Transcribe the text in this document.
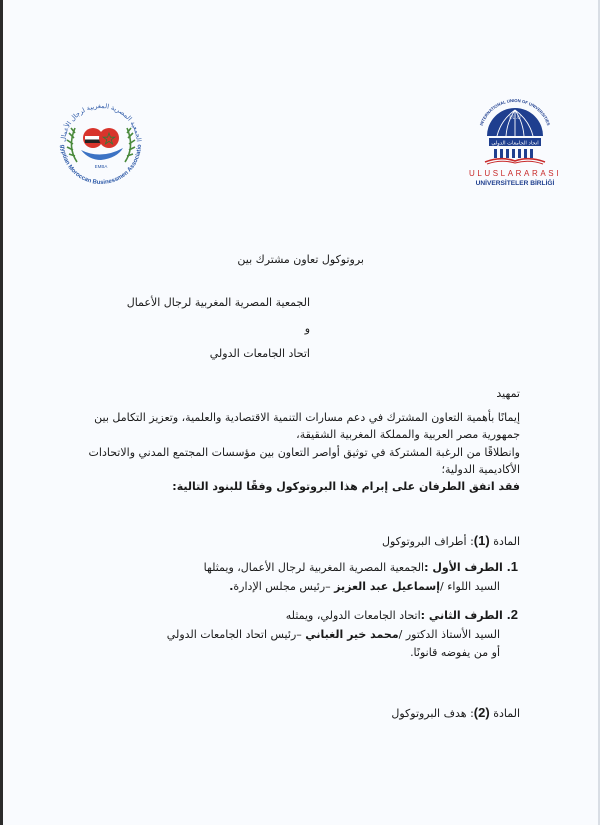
الجمعية المصرية المغربية لرجال الأعمال
gyptian Moroccan Businessmen Associatio
EMBA
INTERNATIONAL UNION OF UNIVERSITIES
I.U.U
اتحاد الجامعات الدولي
ULUSLARARASI
UNİVERSİTELER BİRLİĞİ
بروتوكول تعاون مشترك بين
الجمعية المصرية المغربية لرجال الأعمال
و
اتحاد الجامعات الدولي
تمهيد
إيمانًا بأهمية التعاون المشترك في دعم مسارات التنمية الاقتصادية والعلمية، وتعزيز التكامل بين
جمهورية مصر العربية والمملكة المغربية الشقيقة،
وانطلاقًا من الرغبة المشتركة في توثيق أواصر التعاون بين مؤسسات المجتمع المدني والاتحادات
الأكاديمية الدولية؛
فقد اتفق الطرفان على إبرام هذا البروتوكول وفقًا للبنود التالية:
المادة (1): أطراف البروتوكول
1. الطرف الأول :الجمعية المصرية المغربية لرجال الأعمال، ويمثلها
السيد اللواء /إسماعيل عبد العزيز –رئيس مجلس الإدارة.
2. الطرف الثاني :اتحاد الجامعات الدولي، ويمثله
السيد الأستاذ الدكتور /محمد خير الغباني –رئيس اتحاد الجامعات الدولي
أو من يفوضه قانونًا.
المادة (2): هدف البروتوكول
